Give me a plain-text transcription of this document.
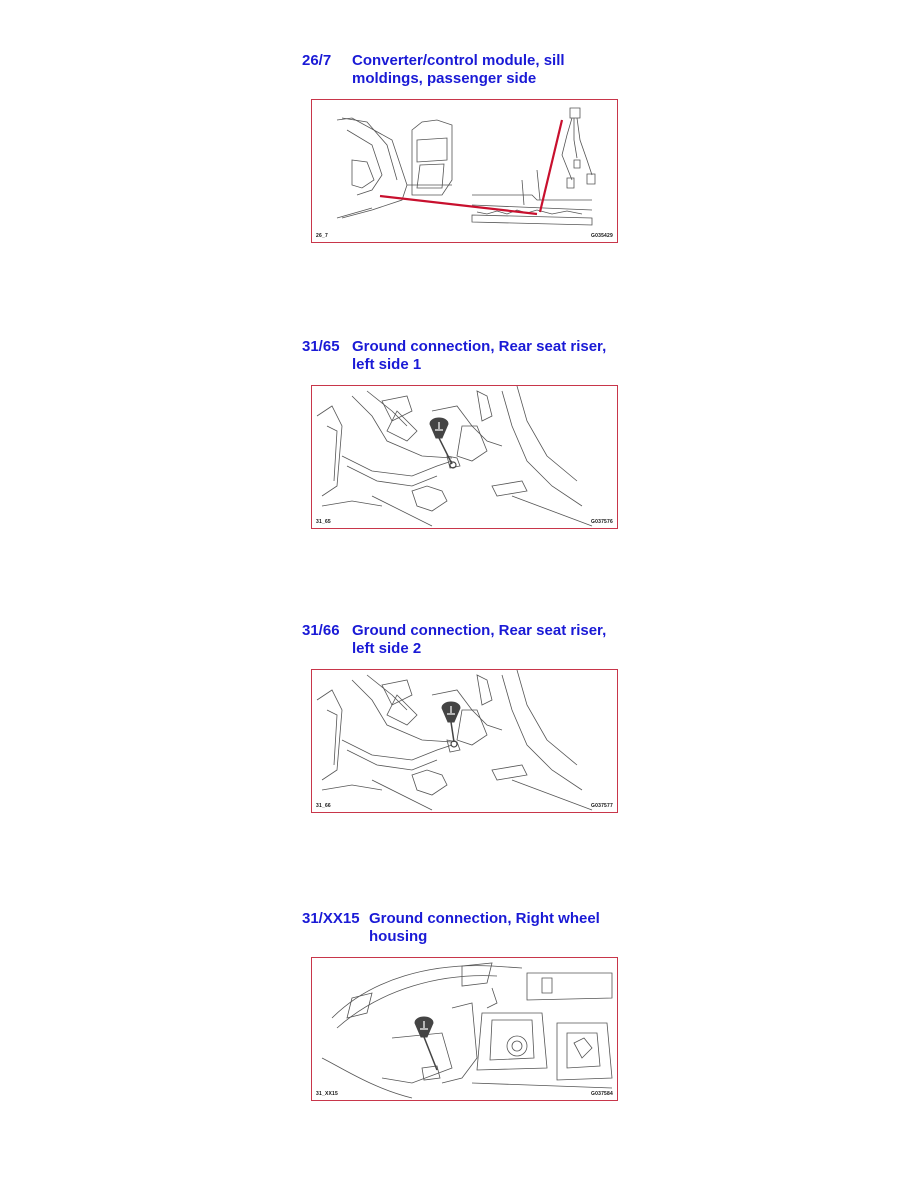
26/7 Converter/control module, sill moldings, passenger side
26_7	G035429
31/65 Ground connection, Rear seat riser, left side 1
31_65	G037576
31/66 Ground connection, Rear seat riser, left side 2
31_66	G037577
31/XX15 Ground connection, Right wheel housing
31_XX15	G037584
